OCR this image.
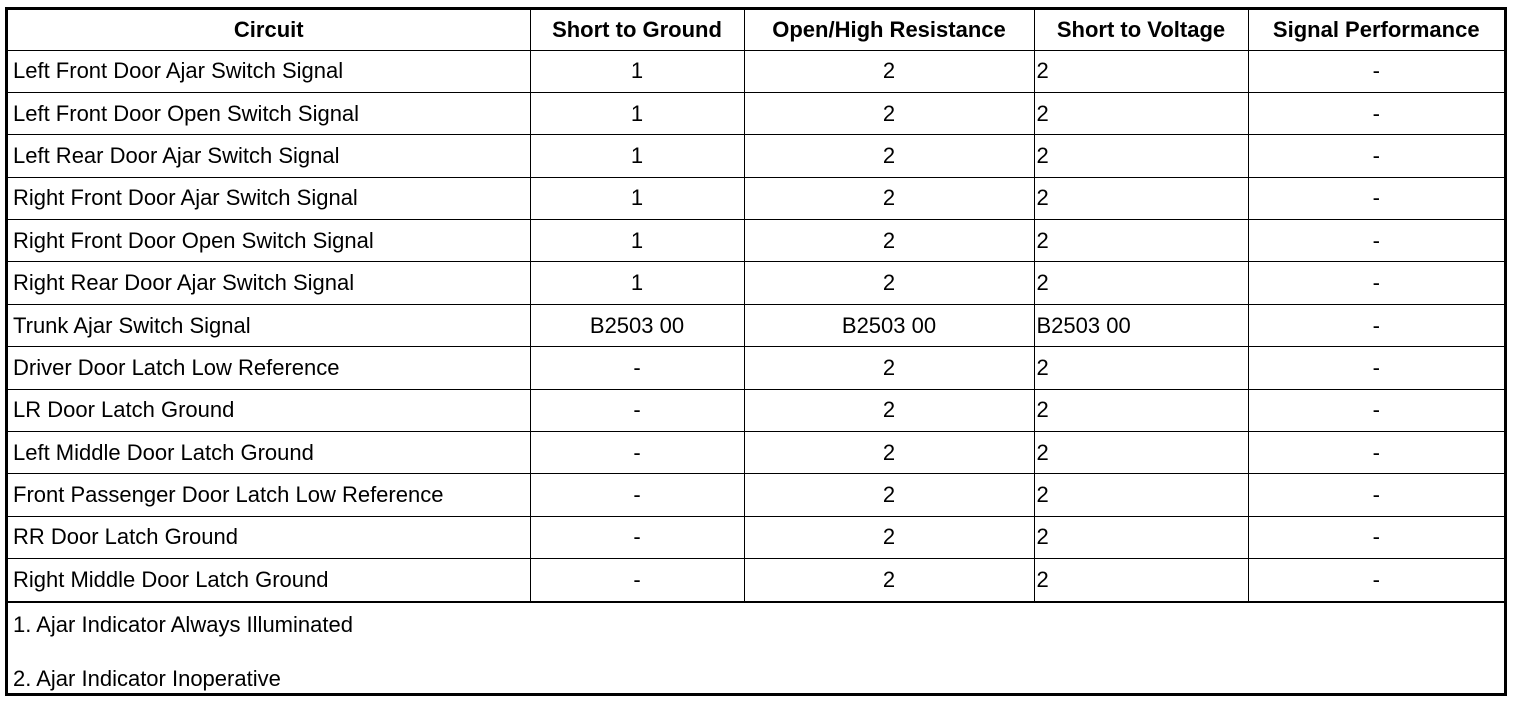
Circuit	Short to Ground	Open/High Resistance	Short to Voltage	Signal Performance
Left Front Door Ajar Switch Signal	1	2	2	-
Left Front Door Open Switch Signal	1	2	2	-
Left Rear Door Ajar Switch Signal	1	2	2	-
Right Front Door Ajar Switch Signal	1	2	2	-
Right Front Door Open Switch Signal	1	2	2	-
Right Rear Door Ajar Switch Signal	1	2	2	-
Trunk Ajar Switch Signal	B2503 00	B2503 00	B2503 00	-
Driver Door Latch Low Reference	-	2	2	-
LR Door Latch Ground	-	2	2	-
Left Middle Door Latch Ground	-	2	2	-
Front Passenger Door Latch Low Reference	-	2	2	-
RR Door Latch Ground	-	2	2	-
Right Middle Door Latch Ground	-	2	2	-
1. Ajar Indicator Always Illuminated
2. Ajar Indicator Inoperative
